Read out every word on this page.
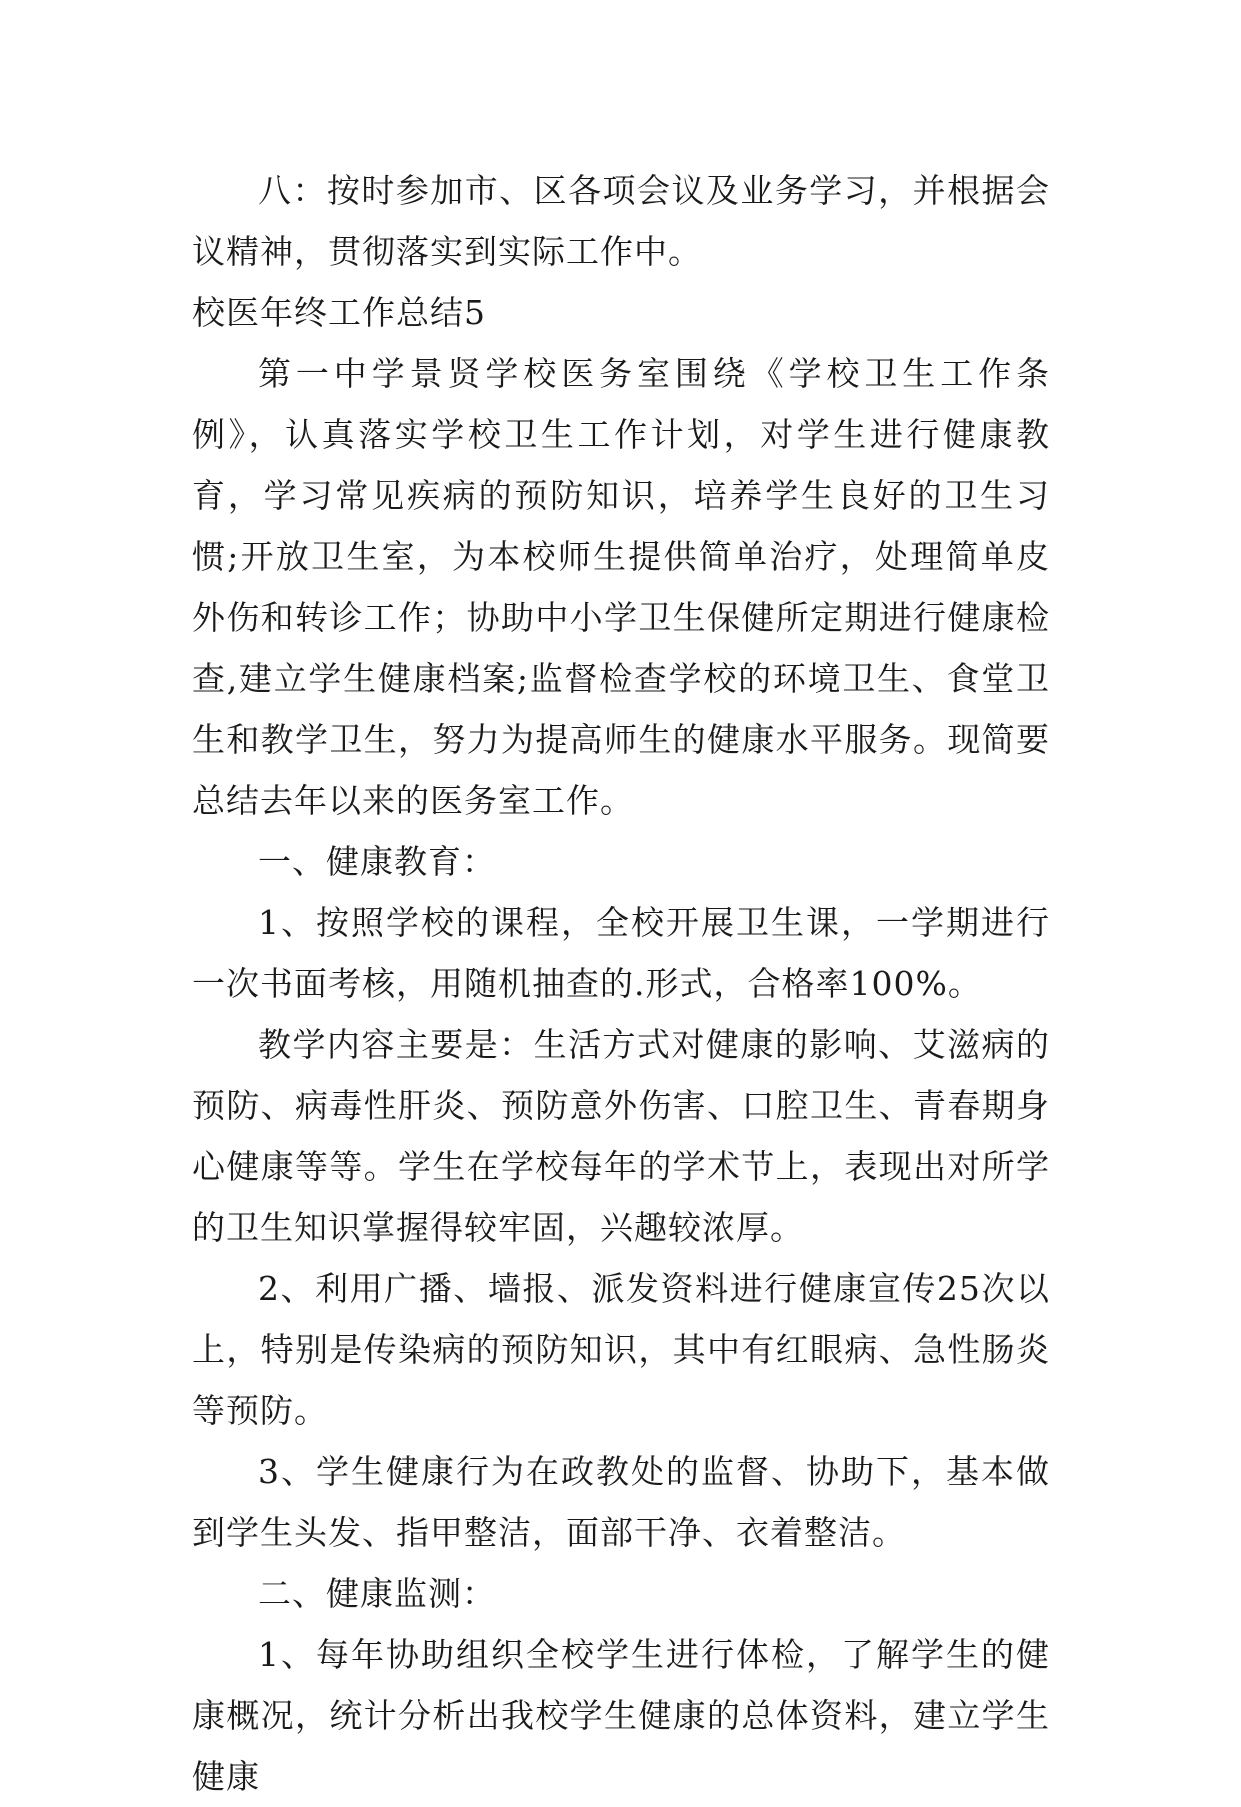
八：按时参加市、区各项会议及业务学习，并根据会议精神，贯彻落实到实际工作中。

校医年终工作总结5

第一中学景贤学校医务室围绕《学校卫生工作条例》，认真落实学校卫生工作计划，对学生进行健康教育，学习常见疾病的预防知识，培养学生良好的卫生习惯;开放卫生室，为本校师生提供简单治疗，处理简单皮外伤和转诊工作；协助中小学卫生保健所定期进行健康检查,建立学生健康档案;监督检查学校的环境卫生、食堂卫生和教学卫生，努力为提高师生的健康水平服务。现简要总结去年以来的医务室工作。

一、健康教育：

1、按照学校的课程，全校开展卫生课，一学期进行一次书面考核，用随机抽查的.形式，合格率100%。

教学内容主要是：生活方式对健康的影响、艾滋病的预防、病毒性肝炎、预防意外伤害、口腔卫生、青春期身心健康等等。学生在学校每年的学术节上，表现出对所学的卫生知识掌握得较牢固，兴趣较浓厚。

2、利用广播、墙报、派发资料进行健康宣传25次以上，特别是传染病的预防知识，其中有红眼病、急性肠炎等预防。

3、学生健康行为在政教处的监督、协助下，基本做到学生头发、指甲整洁，面部干净、衣着整洁。

二、健康监测：

1、每年协助组织全校学生进行体检，了解学生的健康概况，统计分析出我校学生健康的总体资料，建立学生健康
